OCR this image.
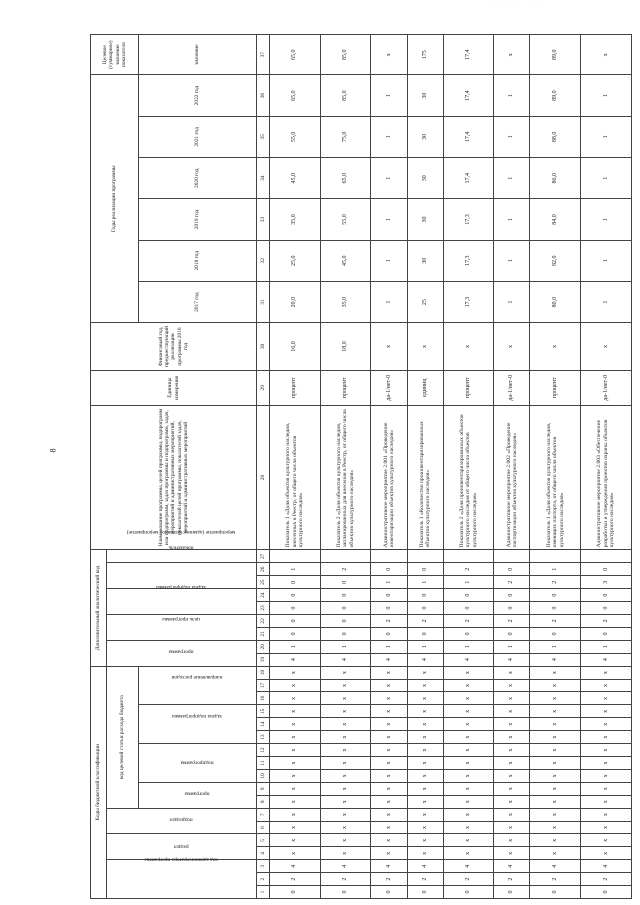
8
. . . .  . .
Коды бюджетной классификации																		Дополнительный аналитический код									Наименование программы, целей программы, подпрограмм или подпрограмм, задач программы и подпрограмм, задач, мероприятий и административных мероприятий, показателей целей программы, показателей задач, мероприятий и административных мероприятий	Единица измерения	Финансовый год, предшествующий реализации программы 2016 год	Годы реализации программы						Целевое (суммарное) значение показателя
код администратора программы			раздел		подраздел		код целевой статьи расхода бюджета											программа		цель программы		задача подпрограммы		мероприятие (административное мероприятие)		показатель										
							программа		подпрограмма			задача подпрограммы			направление расходов															2017 год	2018 год	2019 год	2020 год	2021 год	2022 год	значение
1	2	3	4	5	6	7	8	9	10	11	12	13	14	15	16	17	18	19	20	21	22	23	24	25	26	27	28	29	30	31	32	33	34	35	36	37
0	2	4	x	x	x	x	x	x	x	x	x	x	x	x	x	x	x	4	1	0	0	0	0	0	1		Показатель 1 «Доля объектов культурного наследия, внесенных в Реестр, от общего числа объектов культурного наследия»	процент	16,0	20,0	25,0	35,0	45,0	55,0	65,0	65,0
0	2	4	x	x	x	x	x	x	x	x	x	x	x	x	x	x	x	4	1	0	0	0	0	0	2		Показатель 2 «Доля объектов культурного наследия, запланированных для внесения в Реестр, от общего числа объектов культурного наследия»	процент	18,0	35,0	45,0	55,0	65,0	75,0	85,0	85,0
0	2	4	x	x	x	x	x	x	x	x	x	x	x	x	x	x	x	4	1	0	2	0	0	1	0		Административное мероприятие 2.001 «Проведение инвентаризации объектов культурного наследия»	да-1/нет-0	x	1	1	1	1	1	1	x
0	2	4	x	x	x	x	x	x	x	x	x	x	x	x	x	x	x	4	1	0	2	0	0	1	0		Показатель 1 «Количество проинвентаризированных объектов культурного наследия»	единиц	x	25	30	30	30	30	30	175
0	2	4	x	x	x	x	x	x	x	x	x	x	x	x	x	x	x	4	1	0	2	0	0	1	2		Показатель 2 «Доля проинвентаризированных объектов культурного наследия от общего числа объектов культурного наследия»	процент	x	17,3	17,3	17,3	17,4	17,4	17,4	17,4
0	2	4	x	x	x	x	x	x	x	x	x	x	x	x	x	x	x	4	1	0	2	0	0	2	0		Административное мероприятие 2.002 «Проведение паспортизации объектов культурного наследия»	да-1/нет-0	x	1	1	1	1	1	1	x
0	2	4	x	x	x	x	x	x	x	x	x	x	x	x	x	x	x	4	1	0	2	0	0	2	1		Показатель 1 «Доля объектов культурного наследия, имеющих паспорта, от общего числа объектов культурного наследия»	процент	x	80,0	82,0	84,0	86,0	88,0	89,0	89,0
0	2	4	x	x	x	x	x	x	x	x	x	x	x	x	x	x	x	4	1	0	2	0	0	3	0		Административное мероприятие 2.003 «Обеспечение разработки и утверждения проектов охраны объектов культурного наследия»	да-1/нет-0	x	1	1	1	1	1	1	x
